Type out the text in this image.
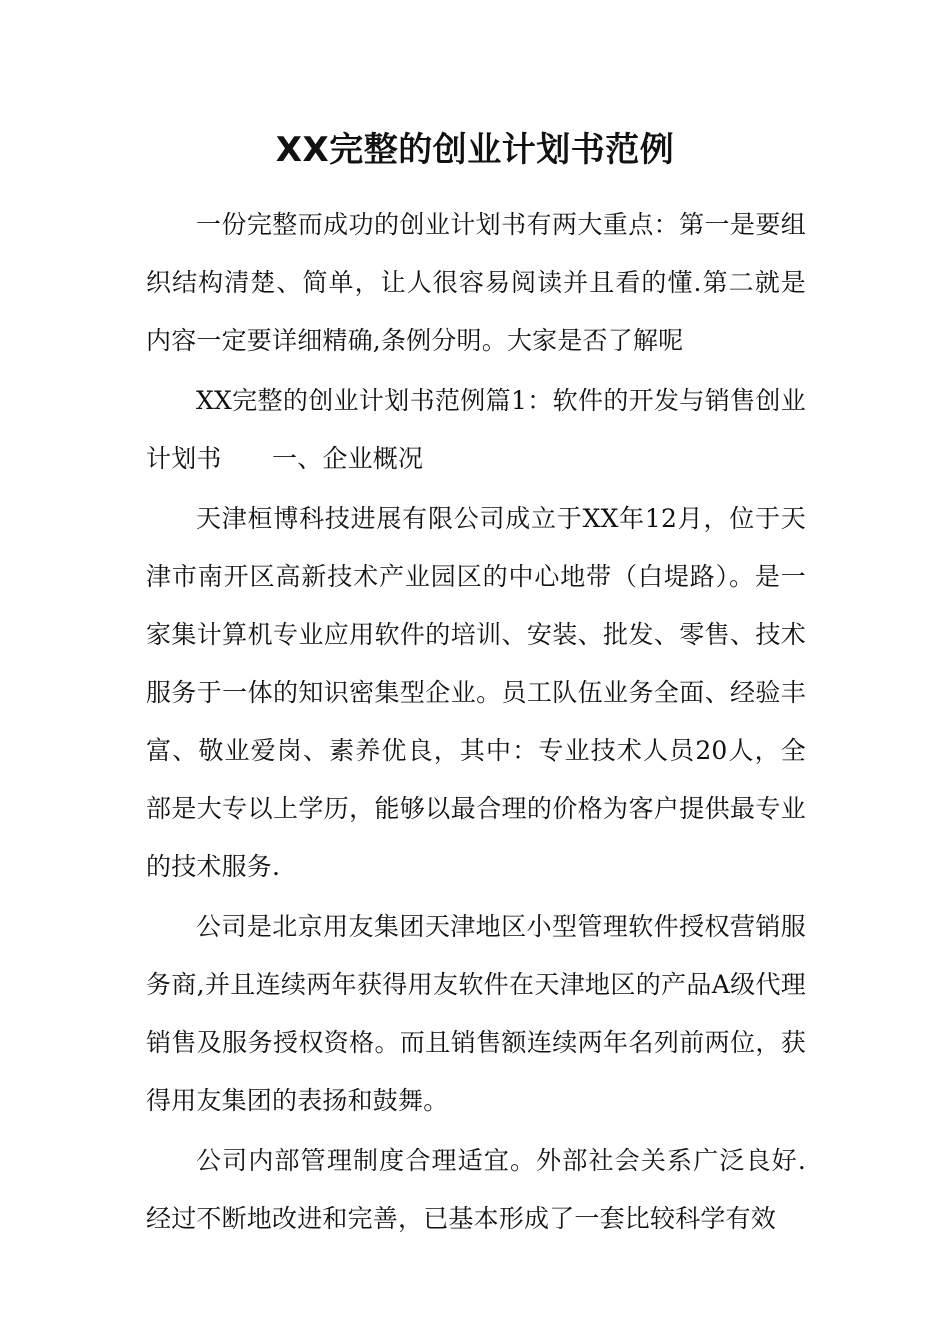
XX完整的创业计划书范例

一份完整而成功的创业计划书有两大重点：第一是要组织结构清楚、简单，让人很容易阅读并且看的懂.第二就是内容一定要详细精确,条例分明。大家是否了解呢

XX完整的创业计划书范例篇1：软件的开发与销售创业计划书　　一、企业概况

天津桓博科技进展有限公司成立于XX年12月，位于天津市南开区高新技术产业园区的中心地带（白堤路）。是一家集计算机专业应用软件的培训、安装、批发、零售、技术服务于一体的知识密集型企业。员工队伍业务全面、经验丰富、敬业爱岗、素养优良，其中：专业技术人员20人，全部是大专以上学历，能够以最合理的价格为客户提供最专业的技术服务.

公司是北京用友集团天津地区小型管理软件授权营销服务商,并且连续两年获得用友软件在天津地区的产品A级代理销售及服务授权资格。而且销售额连续两年名列前两位，获得用友集团的表扬和鼓舞。

公司内部管理制度合理适宜。外部社会关系广泛良好.经过不断地改进和完善，已基本形成了一套比较科学有效
